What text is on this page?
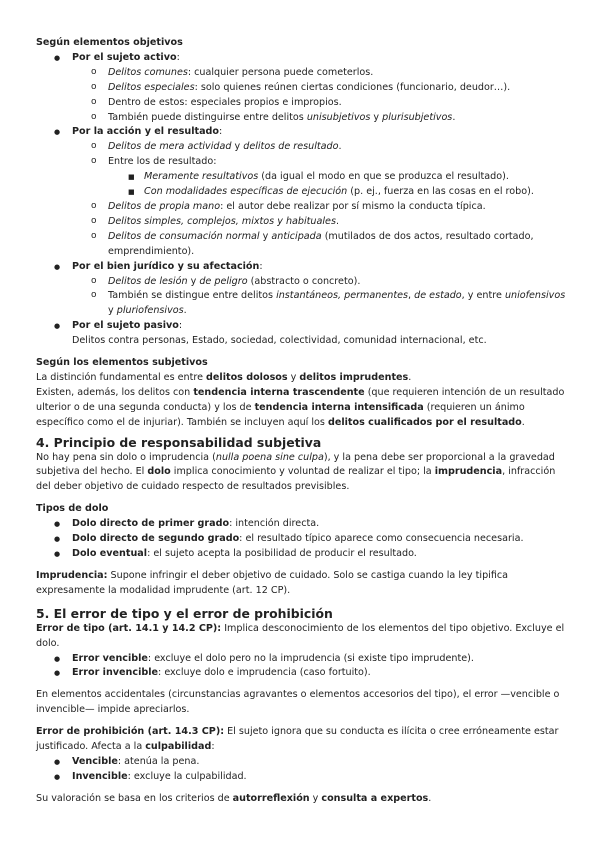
Según elementos objetivos

● Por el sujeto activo:
o Delitos comunes: cualquier persona puede cometerlos.
o Delitos especiales: solo quienes reúnen ciertas condiciones (funcionario, deudor…).
o Dentro de estos: especiales propios e impropios.
o También puede distinguirse entre delitos unisubjetivos y plurisubjetivos.
● Por la acción y el resultado:
o Delitos de mera actividad y delitos de resultado.
o Entre los de resultado:
■ Meramente resultativos (da igual el modo en que se produzca el resultado).
■ Con modalidades específicas de ejecución (p. ej., fuerza en las cosas en el robo).
o Delitos de propia mano: el autor debe realizar por sí mismo la conducta típica.
o Delitos simples, complejos, mixtos y habituales.
o Delitos de consumación normal y anticipada (mutilados de dos actos, resultado cortado, emprendimiento).
● Por el bien jurídico y su afectación:
o Delitos de lesión y de peligro (abstracto o concreto).
o También se distingue entre delitos instantáneos, permanentes, de estado, y entre uniofensivos y pluriofensivos.
● Por el sujeto pasivo:
Delitos contra personas, Estado, sociedad, colectividad, comunidad internacional, etc.

Según los elementos subjetivos

La distinción fundamental es entre delitos dolosos y delitos imprudentes.

Existen, además, los delitos con tendencia interna trascendente (que requieren intención de un resultado ulterior o de una segunda conducta) y los de tendencia interna intensificada (requieren un ánimo específico como el de injuriar). También se incluyen aquí los delitos cualificados por el resultado.

4. Principio de responsabilidad subjetiva

No hay pena sin dolo o imprudencia (nulla poena sine culpa), y la pena debe ser proporcional a la gravedad subjetiva del hecho. El dolo implica conocimiento y voluntad de realizar el tipo; la imprudencia, infracción del deber objetivo de cuidado respecto de resultados previsibles.

Tipos de dolo

● Dolo directo de primer grado: intención directa.
● Dolo directo de segundo grado: el resultado típico aparece como consecuencia necesaria.
● Dolo eventual: el sujeto acepta la posibilidad de producir el resultado.

Imprudencia: Supone infringir el deber objetivo de cuidado. Solo se castiga cuando la ley tipifica expresamente la modalidad imprudente (art. 12 CP).

5. El error de tipo y el error de prohibición

Error de tipo (art. 14.1 y 14.2 CP): Implica desconocimiento de los elementos del tipo objetivo. Excluye el dolo.

● Error vencible: excluye el dolo pero no la imprudencia (si existe tipo imprudente).
● Error invencible: excluye dolo e imprudencia (caso fortuito).

En elementos accidentales (circunstancias agravantes o elementos accesorios del tipo), el error —vencible o invencible— impide apreciarlos.

Error de prohibición (art. 14.3 CP): El sujeto ignora que su conducta es ilícita o cree erróneamente estar justificado. Afecta a la culpabilidad:

● Vencible: atenúa la pena.
● Invencible: excluye la culpabilidad.

Su valoración se basa en los criterios de autorreflexión y consulta a expertos.
